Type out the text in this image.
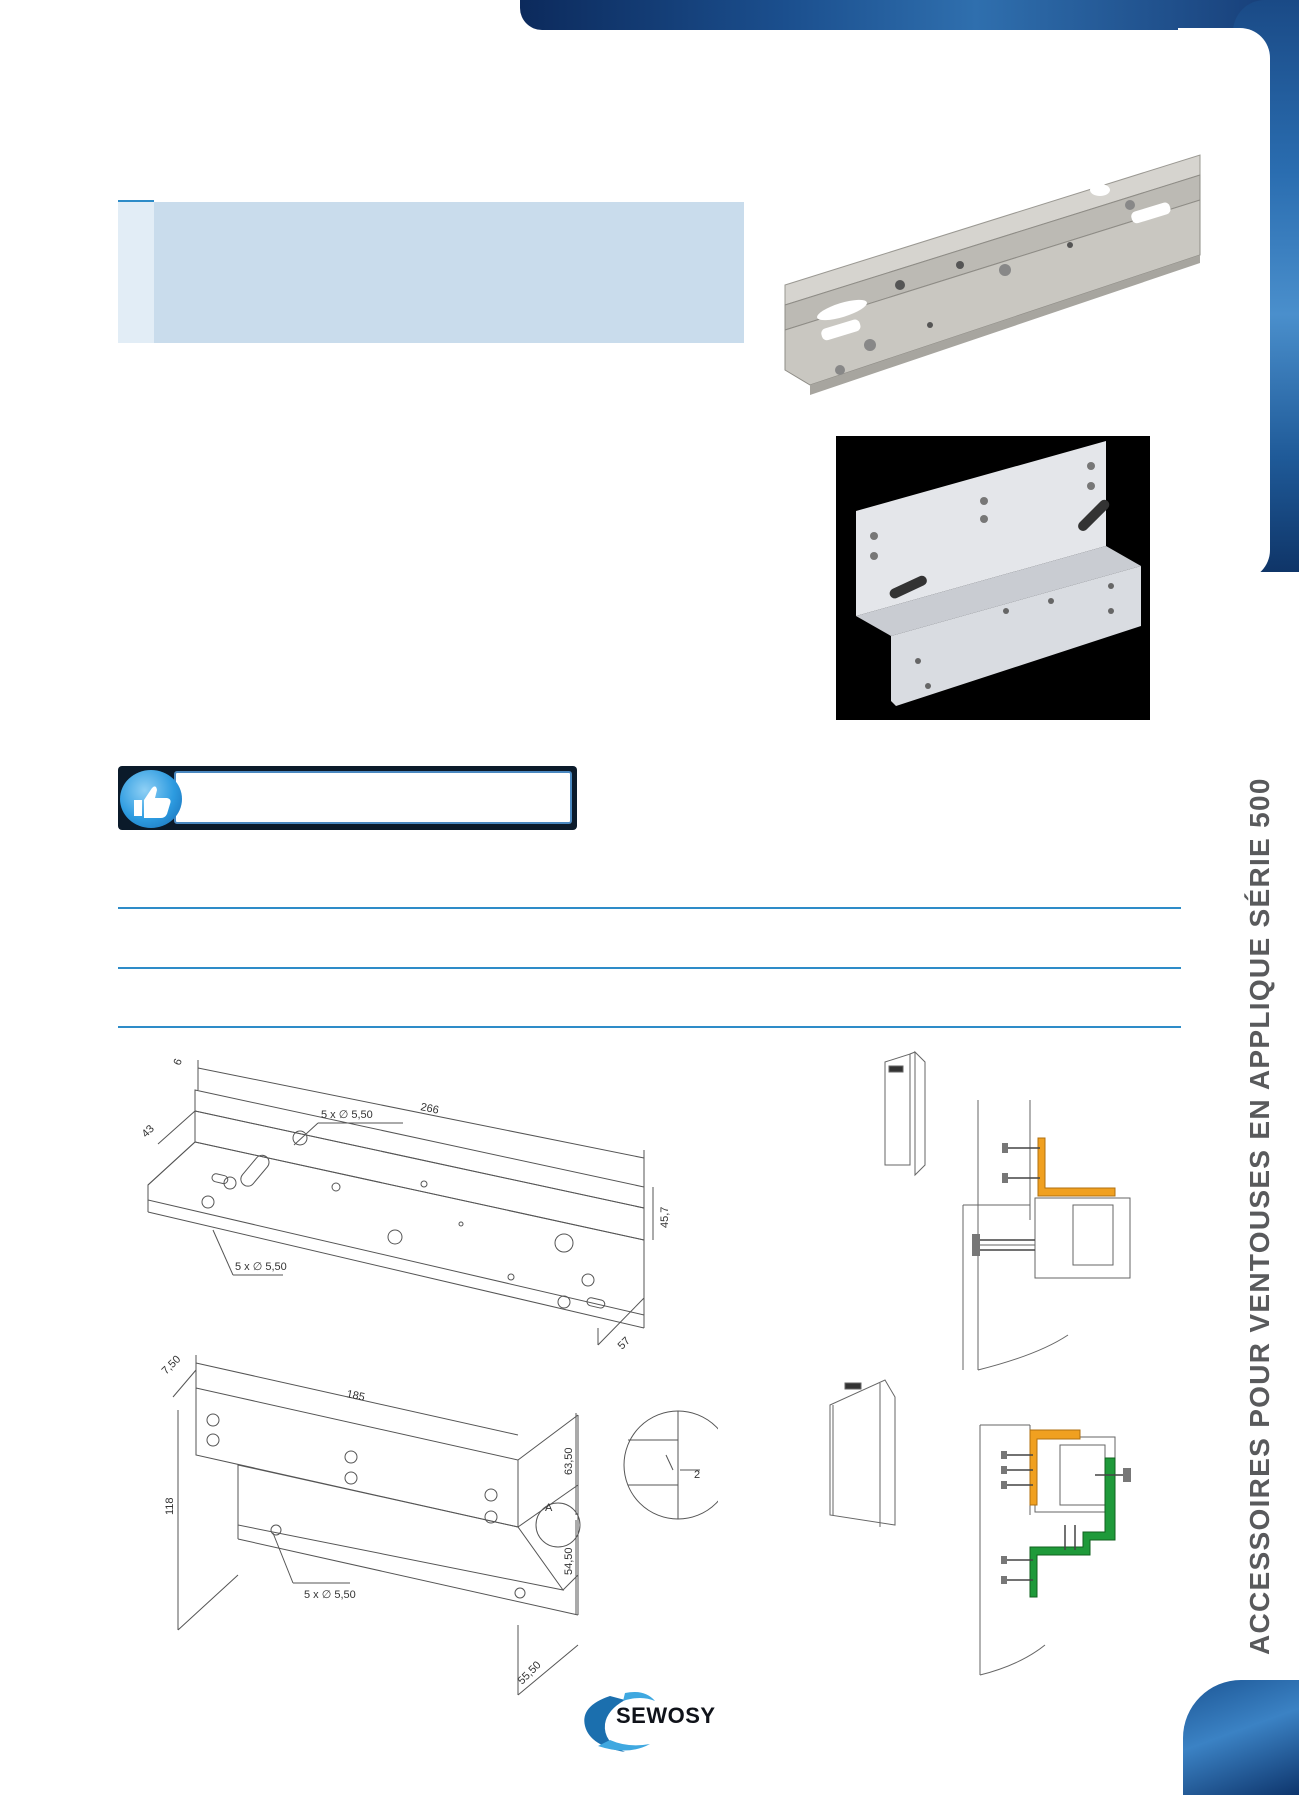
ACCESSOIRES POUR VENTOUSES EN APPLIQUE SÉRIE 500
6
266
5 x ∅ 5,50
43
45,7
5 x ∅ 5,50
57
7,50
185
118
63,50
A
54,50
5 x ∅ 5,50
55,50
2
SEWOSY
